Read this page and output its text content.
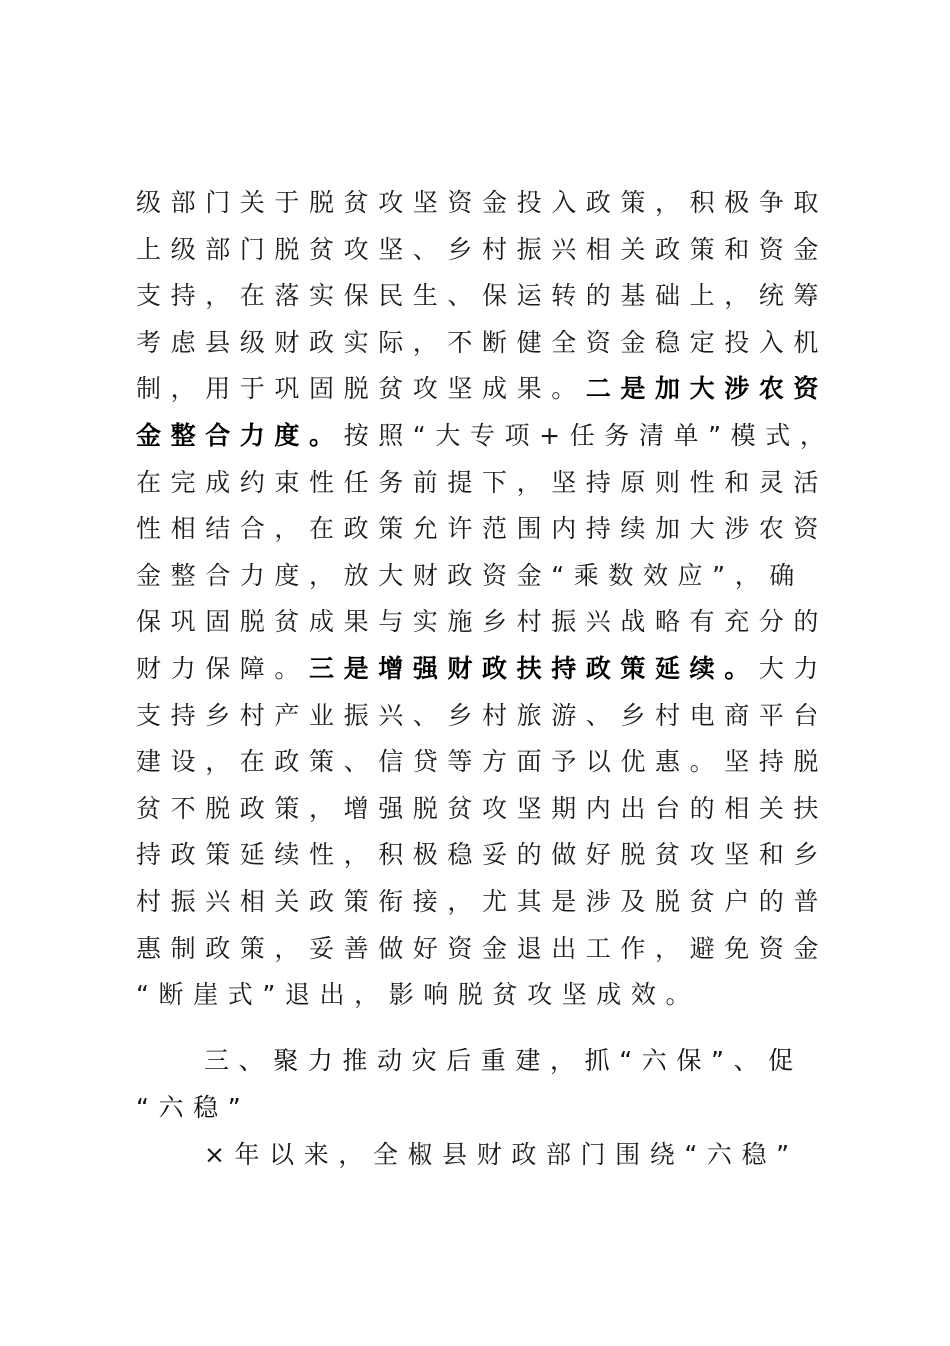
级部门关于脱贫攻坚资金投入政策，积极争取
上级部门脱贫攻坚、乡村振兴相关政策和资金
支持，在落实保民生、保运转的基础上，统筹
考虑县级财政实际，不断健全资金稳定投入机
制，用于巩固脱贫攻坚成果。二是加大涉农资
金整合力度。按照“大专项+任务清单”模式，
在完成约束性任务前提下，坚持原则性和灵活
性相结合，在政策允许范围内持续加大涉农资
金整合力度，放大财政资金“乘数效应”，确
保巩固脱贫成果与实施乡村振兴战略有充分的
财力保障。三是增强财政扶持政策延续。大力
支持乡村产业振兴、乡村旅游、乡村电商平台
建设，在政策、信贷等方面予以优惠。坚持脱
贫不脱政策，增强脱贫攻坚期内出台的相关扶
持政策延续性，积极稳妥的做好脱贫攻坚和乡
村振兴相关政策衔接，尤其是涉及脱贫户的普
惠制政策，妥善做好资金退出工作，避免资金
“断崖式”退出，影响脱贫攻坚成效。
三、聚力推动灾后重建，抓“六保”、促
“六稳”
×年以来，全椒县财政部门围绕“六稳”
